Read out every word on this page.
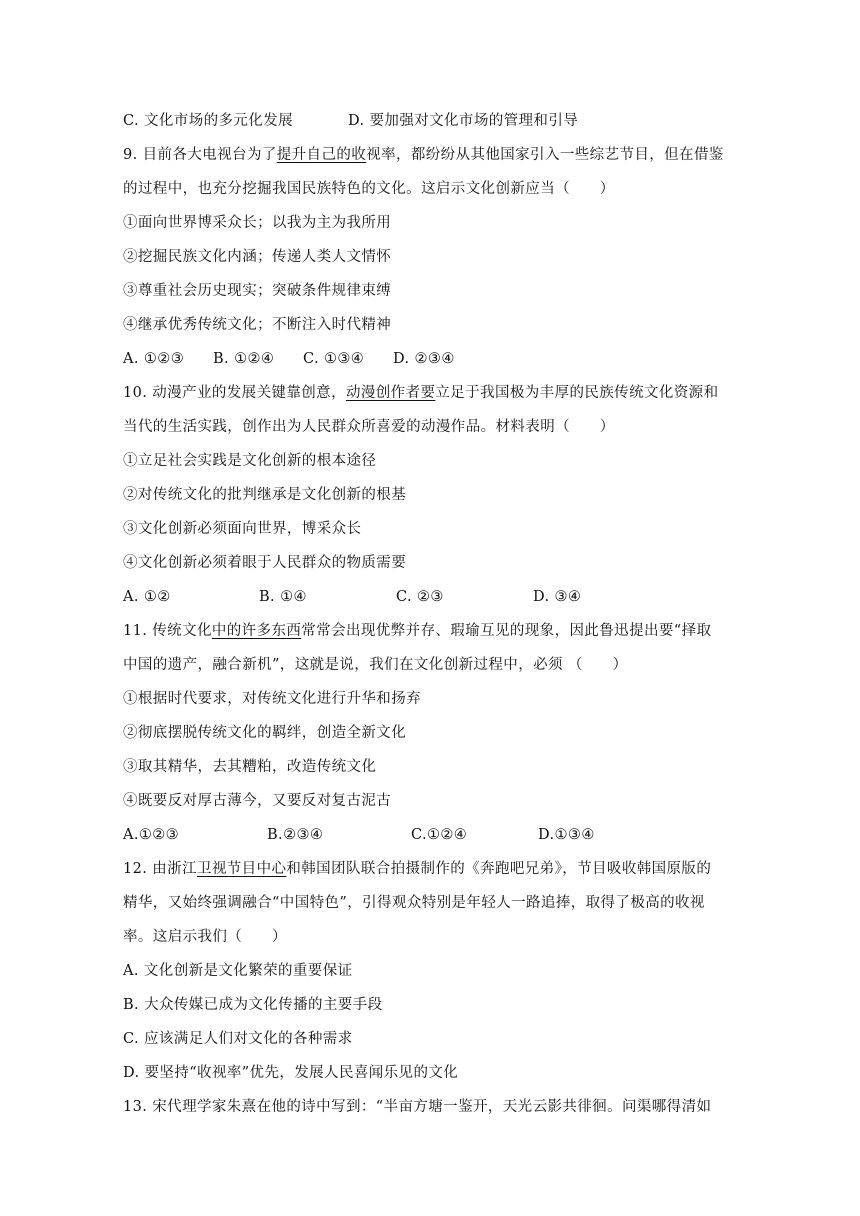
C. 文化市场的多元化发展	D. 要加强对文化市场的管理和引导
9. 目前各大电视台为了提升自己的收视率，都纷纷从其他国家引入一些综艺节目，但在借鉴
的过程中，也充分挖掘我国民族特色的文化。这启示文化创新应当（　　）
①面向世界博采众长；以我为主为我所用
②挖掘民族文化内涵；传递人类人文情怀
③尊重社会历史现实；突破条件规律束缚
④继承优秀传统文化；不断注入时代精神
A. ①②③ B. ①②④ C. ①③④ D. ②③④
10. 动漫产业的发展关键靠创意，动漫创作者要立足于我国极为丰厚的民族传统文化资源和
当代的生活实践，创作出为人民群众所喜爱的动漫作品。材料表明（　　）
①立足社会实践是文化创新的根本途径
②对传统文化的批判继承是文化创新的根基
③文化创新必须面向世界，博采众长
④文化创新必须着眼于人民群众的物质需要
A. ①②	B. ①④	C. ②③	D. ③④
11. 传统文化中的许多东西常常会出现优弊并存、瑕瑜互见的现象，因此鲁迅提出要“择取
中国的遗产，融合新机”，这就是说，我们在文化创新过程中，必须 （　　）
①根据时代要求，对传统文化进行升华和扬弃
②彻底摆脱传统文化的羁绊，创造全新文化
③取其精华，去其糟粕，改造传统文化
④既要反对厚古薄今，又要反对复古泥古
A.①②③	B.②③④	C.①②④	D.①③④
12. 由浙江卫视节目中心和韩国团队联合拍摄制作的《奔跑吧兄弟》，节目吸收韩国原版的
精华，又始终强调融合“中国特色”，引得观众特别是年轻人一路追捧，取得了极高的收视
率。这启示我们（　　）
A. 文化创新是文化繁荣的重要保证
B. 大众传媒已成为文化传播的主要手段
C. 应该满足人们对文化的各种需求
D. 要坚持“收视率”优先，发展人民喜闻乐见的文化
13. 宋代理学家朱熹在他的诗中写到：“半亩方塘一鉴开，天光云影共徘徊。问渠哪得清如
